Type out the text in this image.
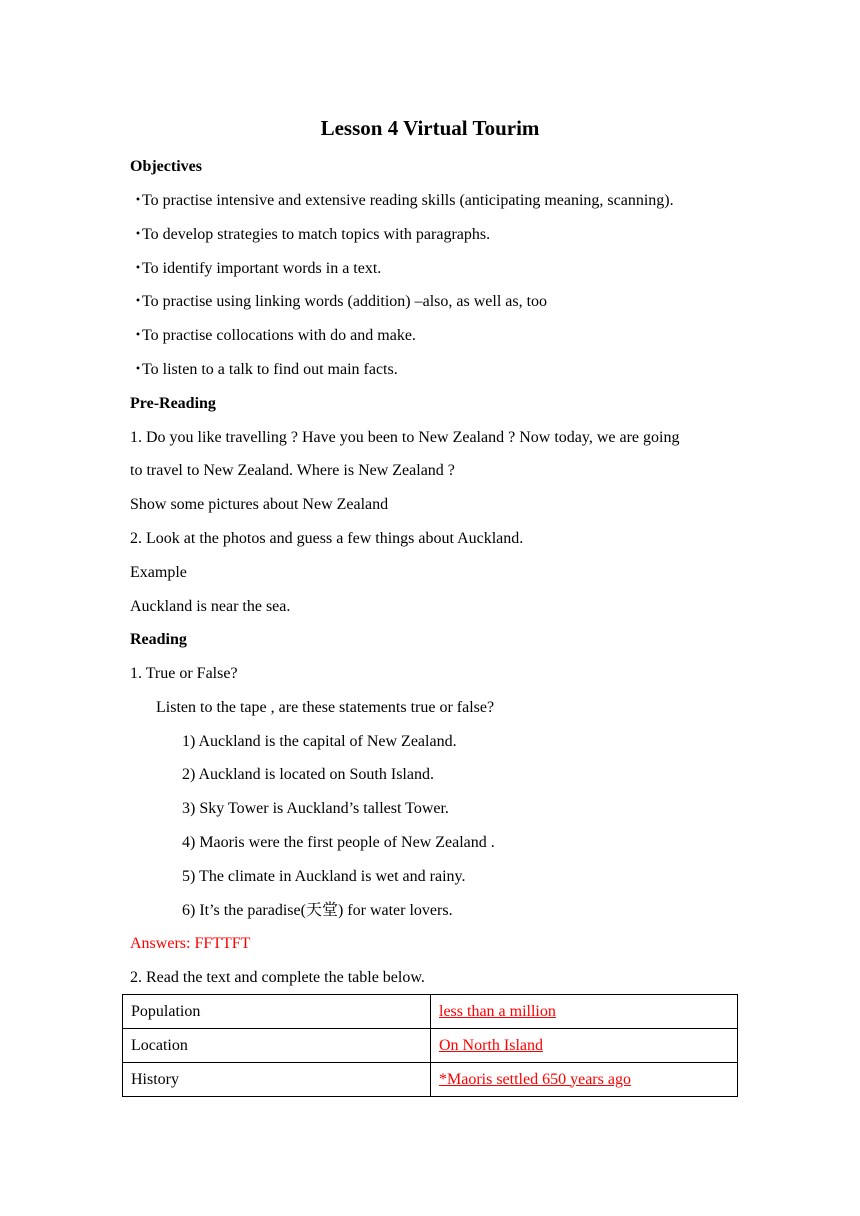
Lesson 4 Virtual Tourim
Objectives
・To practise intensive and extensive reading skills (anticipating meaning, scanning).
・To develop strategies to match topics with paragraphs.
・To identify important words in a text.
・To practise using linking words (addition) –also, as well as, too
・To practise collocations with do and make.
・To listen to a talk to find out main facts.
Pre-Reading
1. Do you like travelling ? Have you been to New Zealand ? Now today, we are going
to travel to New Zealand. Where is New Zealand ?
Show some pictures about New Zealand
2. Look at the photos and guess a few things about Auckland.
Example
Auckland is near the sea.
Reading
1. True or False?
Listen to the tape , are these statements true or false?
1) Auckland is the capital of New Zealand.
2) Auckland is located on South Island.
3) Sky Tower is Auckland’s tallest Tower.
4) Maoris were the first people of New Zealand .
5) The climate in Auckland is wet and rainy.
6) It’s the paradise(天堂) for water lovers.
Answers: FFTTFT
2. Read the text and complete the table below.
Population	less than a million
Location	On North Island
History	*Maoris settled 650 years ago
